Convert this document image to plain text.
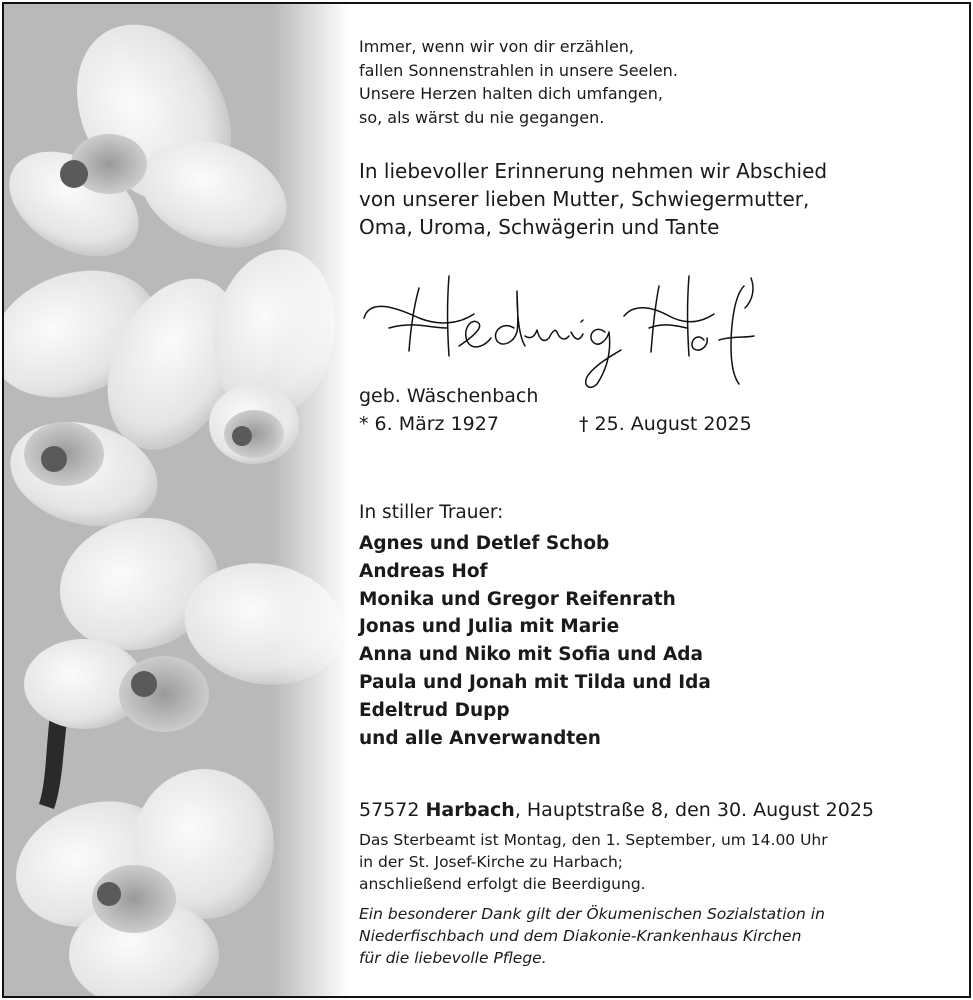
Immer, wenn wir von dir erzählen,
fallen Sonnenstrahlen in unsere Seelen.
Unsere Herzen halten dich umfangen,
so, als wärst du nie gegangen.
In liebevoller Erinnerung nehmen wir Abschied
von unserer lieben Mutter, Schwiegermutter,
Oma, Uroma, Schwägerin und Tante
geb. Wäschenbach
* 6. März 1927	† 25. August 2025
In stiller Trauer:
Agnes und Detlef Schob
Andreas Hof
Monika und Gregor Reifenrath
Jonas und Julia mit Marie
Anna und Niko mit Sofia und Ada
Paula und Jonah mit Tilda und Ida
Edeltrud Dupp
und alle Anverwandten
57572 Harbach, Hauptstraße 8, den 30. August 2025
Das Sterbeamt ist Montag, den 1. September, um 14.00 Uhr
in der St. Josef-Kirche zu Harbach;
anschließend erfolgt die Beerdigung.
Ein besonderer Dank gilt der Ökumenischen Sozialstation in
Niederfischbach und dem Diakonie-Krankenhaus Kirchen
für die liebevolle Pflege.
